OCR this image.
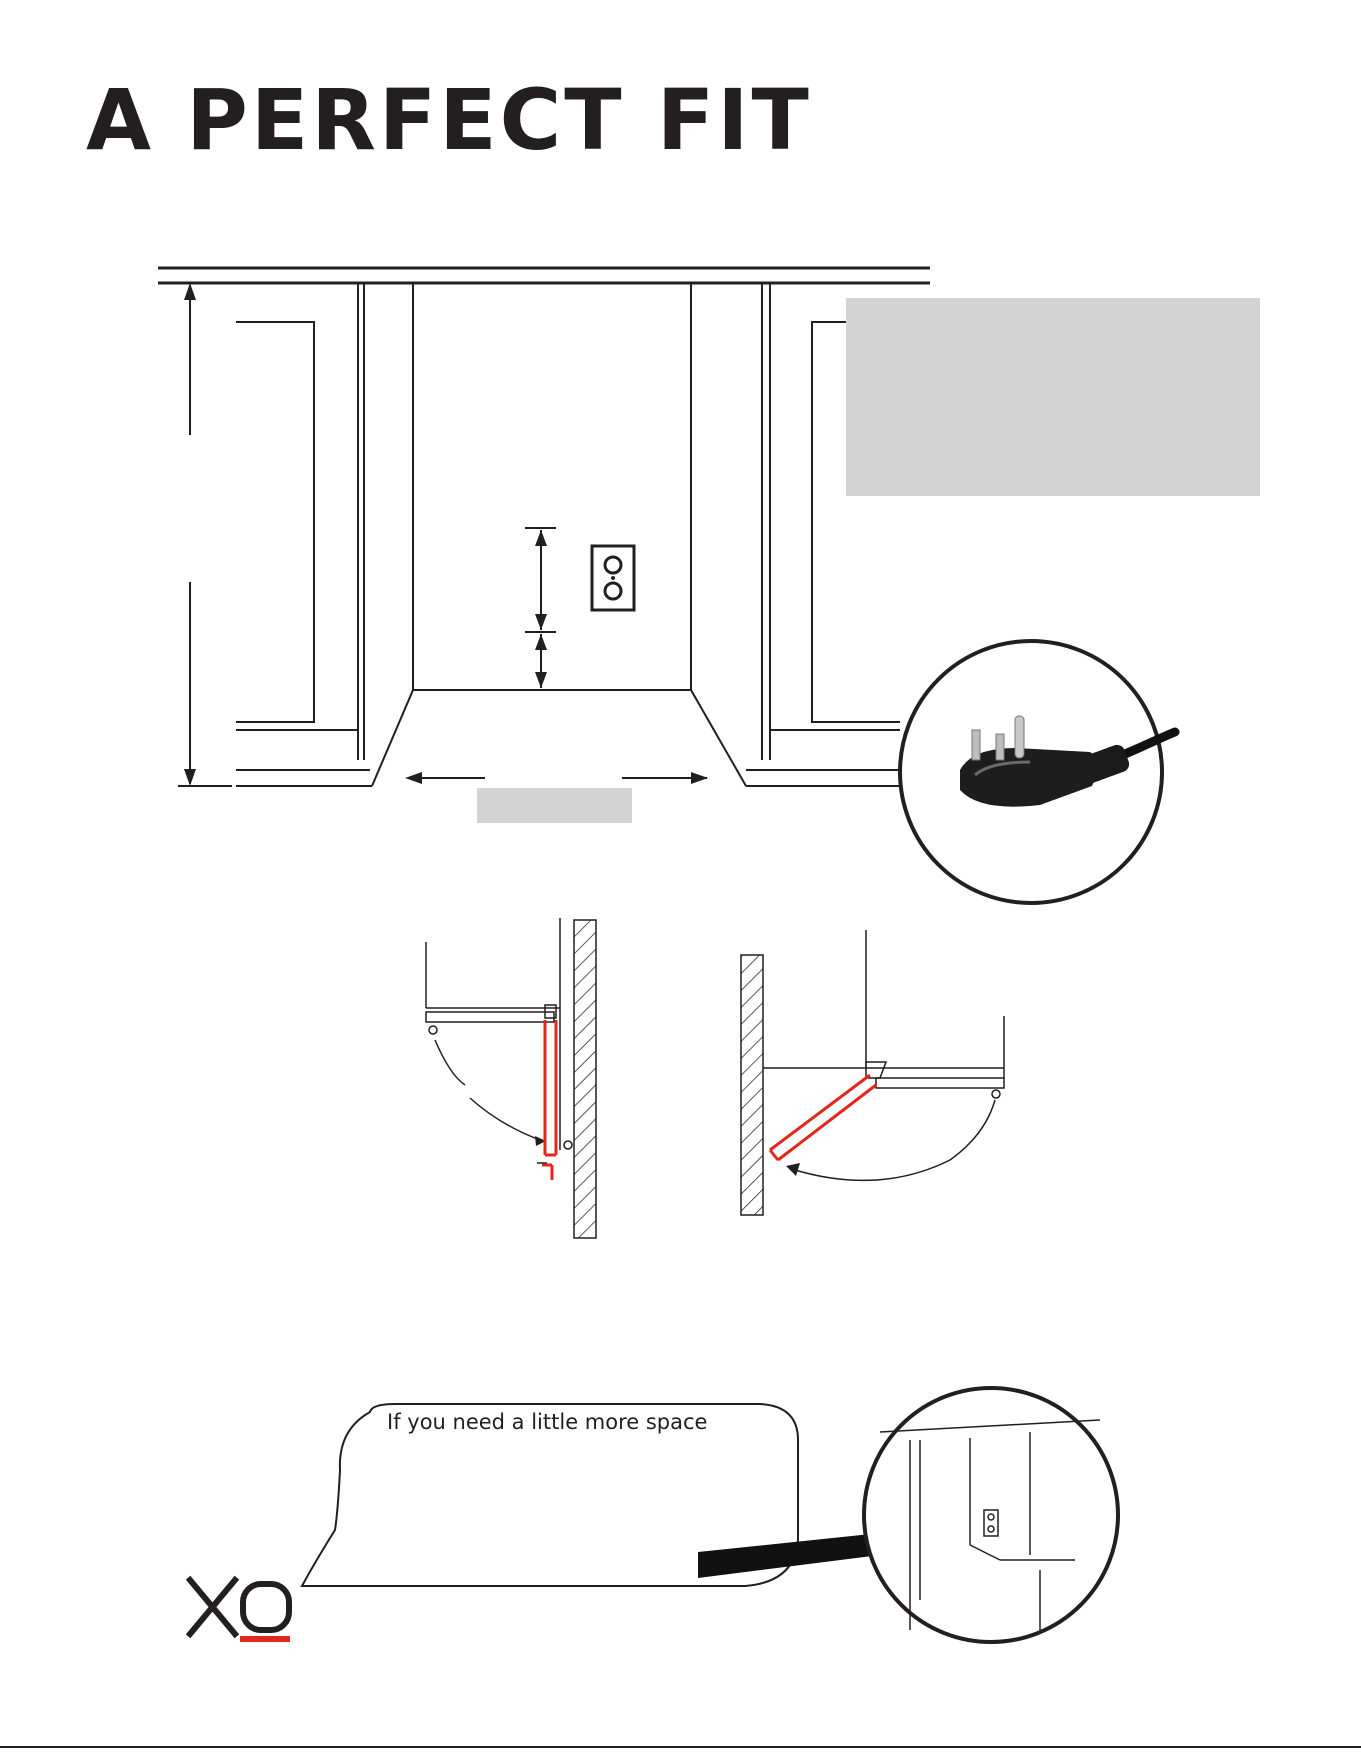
A PERFECT FIT
If you need a little more space
